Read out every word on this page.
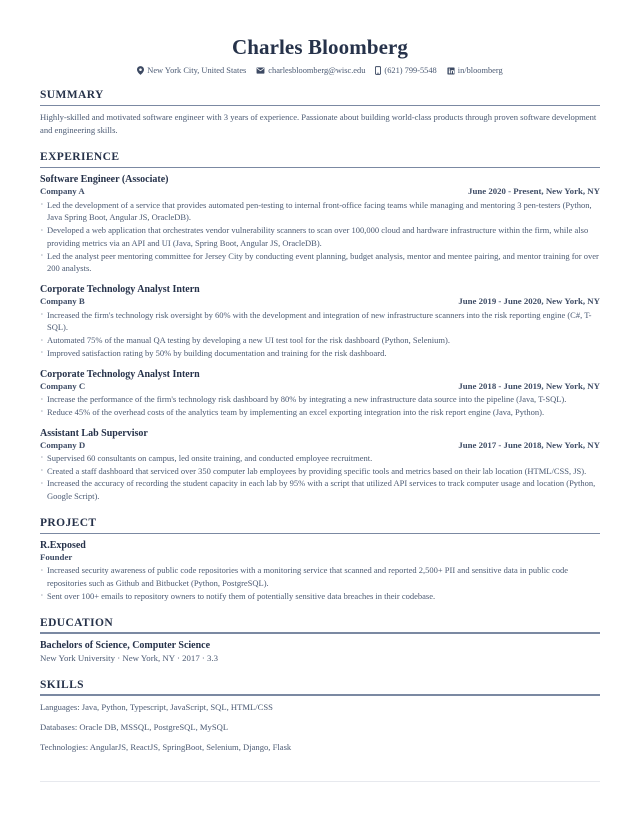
Charles Bloomberg
New York City, United States	charlesbloomberg@wisc.edu (621) 799-5548	in/bloomberg
SUMMARY
Highly-skilled and motivated software engineer with 3 years of experience. Passionate about building world-class products through proven software development and engineering skills.
EXPERIENCE
Software Engineer (Associate)
Company A	June 2020 - Present, New York, NY
· Led the development of a service that provides automated pen-testing to internal front-office facing teams while managing and mentoring 3 pen-testers (Python, Java Spring Boot, Angular JS, OracleDB).
· Developed a web application that orchestrates vendor vulnerability scanners to scan over 100,000 cloud and hardware infrastructure within the firm, while also providing metrics via an API and UI (Java, Spring Boot, Angular JS, OracleDB).
· Led the analyst peer mentoring committee for Jersey City by conducting event planning, budget analysis, mentor and mentee pairing, and mentor training for over 200 analysts.
Corporate Technology Analyst Intern
Company B	June 2019 - June 2020, New York, NY
· Increased the firm's technology risk oversight by 60% with the development and integration of new infrastructure scanners into the risk reporting engine (C#, T-SQL).
· Automated 75% of the manual QA testing by developing a new UI test tool for the risk dashboard (Python, Selenium).
· Improved satisfaction rating by 50% by building documentation and training for the risk dashboard.
Corporate Technology Analyst Intern
Company C	June 2018 - June 2019, New York, NY
· Increase the performance of the firm's technology risk dashboard by 80% by integrating a new infrastructure data source into the pipeline (Java, T-SQL).
· Reduce 45% of the overhead costs of the analytics team by implementing an excel exporting integration into the risk report engine (Java, Python).
Assistant Lab Supervisor
Company D	June 2017 - June 2018, New York, NY
· Supervised 60 consultants on campus, led onsite training, and conducted employee recruitment.
· Created a staff dashboard that serviced over 350 computer lab employees by providing specific tools and metrics based on their lab location (HTML/CSS, JS).
· Increased the accuracy of recording the student capacity in each lab by 95% with a script that utilized API services to track computer usage and location (Python, Google Script).
PROJECT
R.Exposed
Founder
· Increased security awareness of public code repositories with a monitoring service that scanned and reported 2,500+ PII and sensitive data in public code repositories such as Github and Bitbucket (Python, PostgreSQL).
· Sent over 100+ emails to repository owners to notify them of potentially sensitive data breaches in their codebase.
EDUCATION
Bachelors of Science, Computer Science
New York University · New York, NY · 2017 · 3.3
SKILLS
Languages: Java, Python, Typescript, JavaScript, SQL, HTML/CSS
Databases: Oracle DB, MSSQL, PostgreSQL, MySQL
Technologies: AngularJS, ReactJS, SpringBoot, Selenium, Django, Flask
